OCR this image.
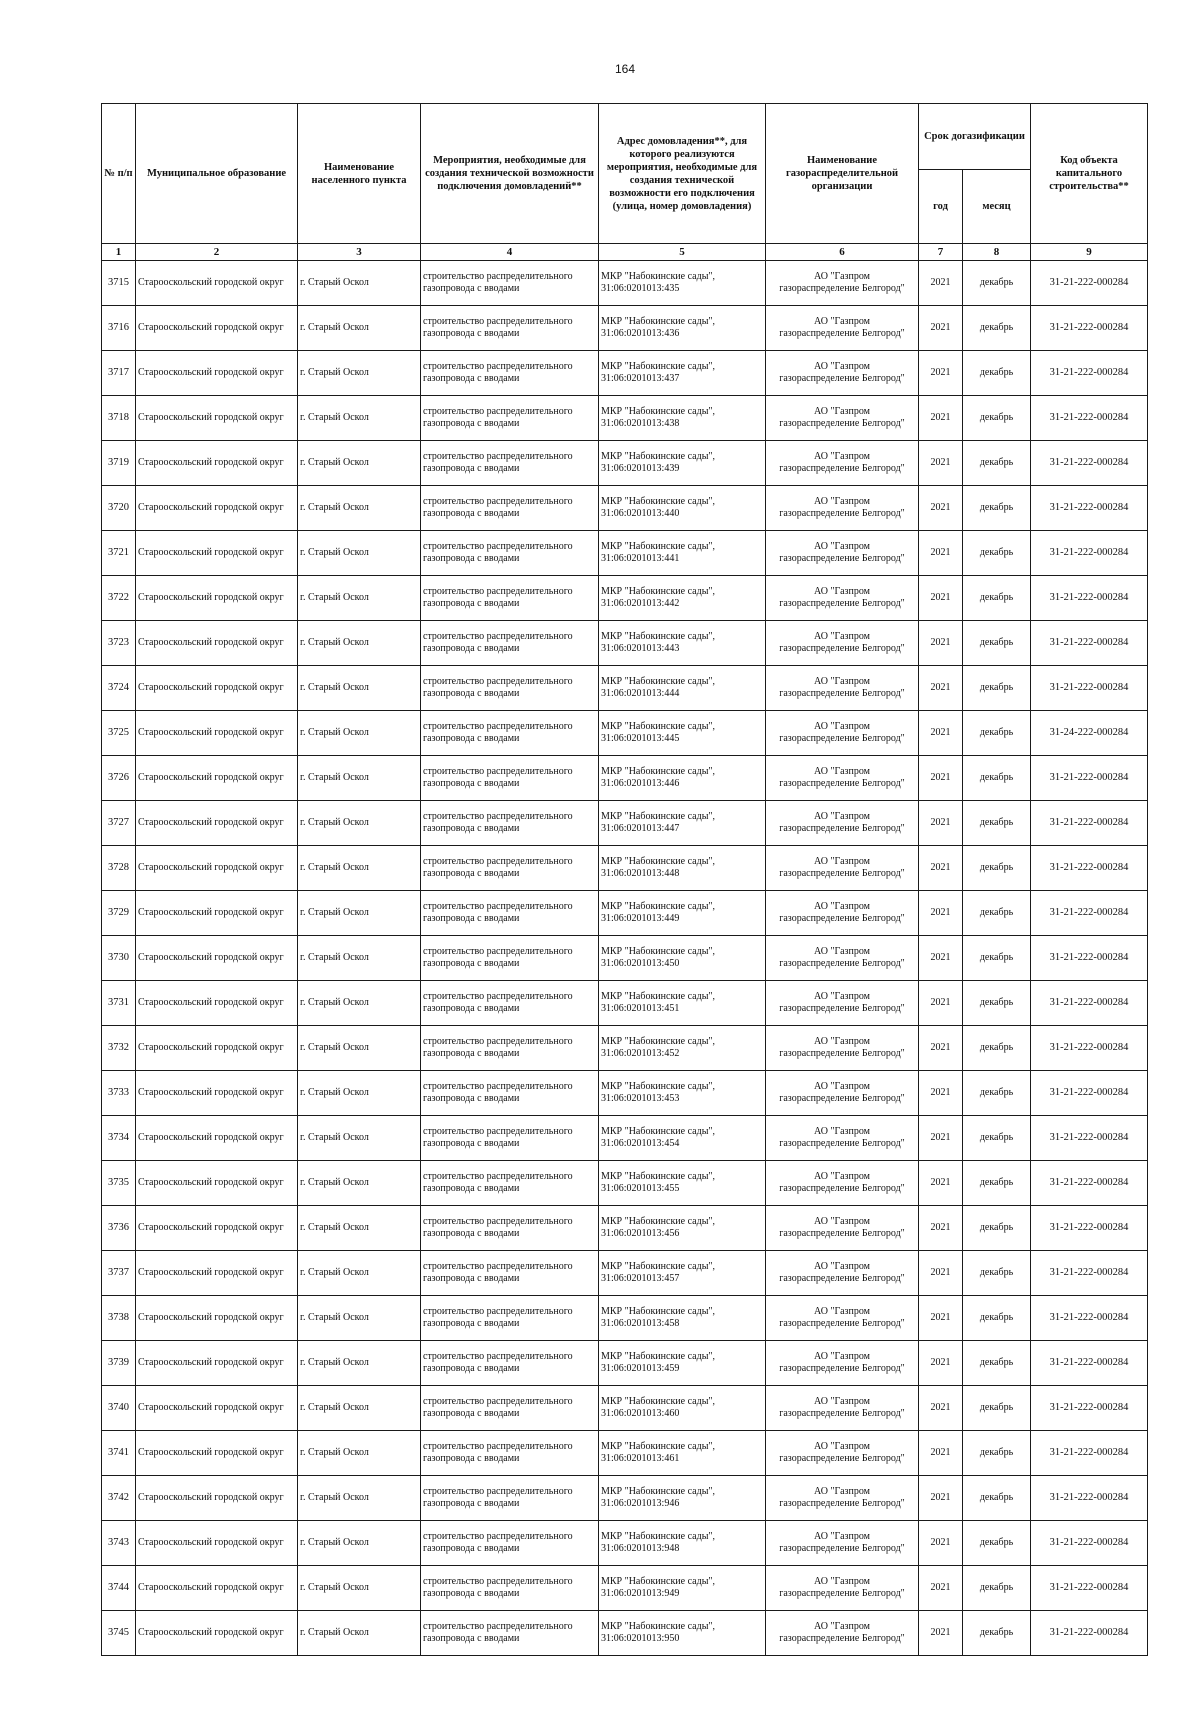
164
№ п/п	Муниципальное образование	Наименование населенного пункта	Мероприятия, необходимые для создания технической возможности подключения домовладений**	Адрес домовладения**, для которого реализуются мероприятия, необходимые для создания технической возможности его подключения (улица, номер домовладения)	Наименование газораспределительной организации	Срок догазификации		Код объекта капитального строительства**
						год	месяц	
1	2	3	4	5	6	7	8	9
3715	Старооскольский городской округ	г. Старый Оскол	строительство распределительного газопровода с вводами	МКР "Набокинские сады",
31:06:0201013:435	АО "Газпром
газораспределение Белгород"	2021	декабрь	31-21-222-000284
3716	Старооскольский городской округ	г. Старый Оскол	строительство распределительного газопровода с вводами	МКР "Набокинские сады",
31:06:0201013:436	АО "Газпром
газораспределение Белгород"	2021	декабрь	31-21-222-000284
3717	Старооскольский городской округ	г. Старый Оскол	строительство распределительного газопровода с вводами	МКР "Набокинские сады",
31:06:0201013:437	АО "Газпром
газораспределение Белгород"	2021	декабрь	31-21-222-000284
3718	Старооскольский городской округ	г. Старый Оскол	строительство распределительного газопровода с вводами	МКР "Набокинские сады",
31:06:0201013:438	АО "Газпром
газораспределение Белгород"	2021	декабрь	31-21-222-000284
3719	Старооскольский городской округ	г. Старый Оскол	строительство распределительного газопровода с вводами	МКР "Набокинские сады",
31:06:0201013:439	АО "Газпром
газораспределение Белгород"	2021	декабрь	31-21-222-000284
3720	Старооскольский городской округ	г. Старый Оскол	строительство распределительного газопровода с вводами	МКР "Набокинские сады",
31:06:0201013:440	АО "Газпром
газораспределение Белгород"	2021	декабрь	31-21-222-000284
3721	Старооскольский городской округ	г. Старый Оскол	строительство распределительного газопровода с вводами	МКР "Набокинские сады",
31:06:0201013:441	АО "Газпром
газораспределение Белгород"	2021	декабрь	31-21-222-000284
3722	Старооскольский городской округ	г. Старый Оскол	строительство распределительного газопровода с вводами	МКР "Набокинские сады",
31:06:0201013:442	АО "Газпром
газораспределение Белгород"	2021	декабрь	31-21-222-000284
3723	Старооскольский городской округ	г. Старый Оскол	строительство распределительного газопровода с вводами	МКР "Набокинские сады",
31:06:0201013:443	АО "Газпром
газораспределение Белгород"	2021	декабрь	31-21-222-000284
3724	Старооскольский городской округ	г. Старый Оскол	строительство распределительного газопровода с вводами	МКР "Набокинские сады",
31:06:0201013:444	АО "Газпром
газораспределение Белгород"	2021	декабрь	31-21-222-000284
3725	Старооскольский городской округ	г. Старый Оскол	строительство распределительного газопровода с вводами	МКР "Набокинские сады",
31:06:0201013:445	АО "Газпром
газораспределение Белгород"	2021	декабрь	31-24-222-000284
3726	Старооскольский городской округ	г. Старый Оскол	строительство распределительного газопровода с вводами	МКР "Набокинские сады",
31:06:0201013:446	АО "Газпром
газораспределение Белгород"	2021	декабрь	31-21-222-000284
3727	Старооскольский городской округ	г. Старый Оскол	строительство распределительного газопровода с вводами	МКР "Набокинские сады",
31:06:0201013:447	АО "Газпром
газораспределение Белгород"	2021	декабрь	31-21-222-000284
3728	Старооскольский городской округ	г. Старый Оскол	строительство распределительного газопровода с вводами	МКР "Набокинские сады",
31:06:0201013:448	АО "Газпром
газораспределение Белгород"	2021	декабрь	31-21-222-000284
3729	Старооскольский городской округ	г. Старый Оскол	строительство распределительного газопровода с вводами	МКР "Набокинские сады",
31:06:0201013:449	АО "Газпром
газораспределение Белгород"	2021	декабрь	31-21-222-000284
3730	Старооскольский городской округ	г. Старый Оскол	строительство распределительного газопровода с вводами	МКР "Набокинские сады",
31:06:0201013:450	АО "Газпром
газораспределение Белгород"	2021	декабрь	31-21-222-000284
3731	Старооскольский городской округ	г. Старый Оскол	строительство распределительного газопровода с вводами	МКР "Набокинские сады",
31:06:0201013:451	АО "Газпром
газораспределение Белгород"	2021	декабрь	31-21-222-000284
3732	Старооскольский городской округ	г. Старый Оскол	строительство распределительного газопровода с вводами	МКР "Набокинские сады",
31:06:0201013:452	АО "Газпром
газораспределение Белгород"	2021	декабрь	31-21-222-000284
3733	Старооскольский городской округ	г. Старый Оскол	строительство распределительного газопровода с вводами	МКР "Набокинские сады",
31:06:0201013:453	АО "Газпром
газораспределение Белгород"	2021	декабрь	31-21-222-000284
3734	Старооскольский городской округ	г. Старый Оскол	строительство распределительного газопровода с вводами	МКР "Набокинские сады",
31:06:0201013:454	АО "Газпром
газораспределение Белгород"	2021	декабрь	31-21-222-000284
3735	Старооскольский городской округ	г. Старый Оскол	строительство распределительного газопровода с вводами	МКР "Набокинские сады",
31:06:0201013:455	АО "Газпром
газораспределение Белгород"	2021	декабрь	31-21-222-000284
3736	Старооскольский городской округ	г. Старый Оскол	строительство распределительного газопровода с вводами	МКР "Набокинские сады",
31:06:0201013:456	АО "Газпром
газораспределение Белгород"	2021	декабрь	31-21-222-000284
3737	Старооскольский городской округ	г. Старый Оскол	строительство распределительного газопровода с вводами	МКР "Набокинские сады",
31:06:0201013:457	АО "Газпром
газораспределение Белгород"	2021	декабрь	31-21-222-000284
3738	Старооскольский городской округ	г. Старый Оскол	строительство распределительного газопровода с вводами	МКР "Набокинские сады",
31:06:0201013:458	АО "Газпром
газораспределение Белгород"	2021	декабрь	31-21-222-000284
3739	Старооскольский городской округ	г. Старый Оскол	строительство распределительного газопровода с вводами	МКР "Набокинские сады",
31:06:0201013:459	АО "Газпром
газораспределение Белгород"	2021	декабрь	31-21-222-000284
3740	Старооскольский городской округ	г. Старый Оскол	строительство распределительного газопровода с вводами	МКР "Набокинские сады",
31:06:0201013:460	АО "Газпром
газораспределение Белгород"	2021	декабрь	31-21-222-000284
3741	Старооскольский городской округ	г. Старый Оскол	строительство распределительного газопровода с вводами	МКР "Набокинские сады",
31:06:0201013:461	АО "Газпром
газораспределение Белгород"	2021	декабрь	31-21-222-000284
3742	Старооскольский городской округ	г. Старый Оскол	строительство распределительного газопровода с вводами	МКР "Набокинские сады",
31:06:0201013:946	АО "Газпром
газораспределение Белгород"	2021	декабрь	31-21-222-000284
3743	Старооскольский городской округ	г. Старый Оскол	строительство распределительного газопровода с вводами	МКР "Набокинские сады",
31:06:0201013:948	АО "Газпром
газораспределение Белгород"	2021	декабрь	31-21-222-000284
3744	Старооскольский городской округ	г. Старый Оскол	строительство распределительного газопровода с вводами	МКР "Набокинские сады",
31:06:0201013:949	АО "Газпром
газораспределение Белгород"	2021	декабрь	31-21-222-000284
3745	Старооскольский городской округ	г. Старый Оскол	строительство распределительного газопровода с вводами	МКР "Набокинские сады",
31:06:0201013:950	АО "Газпром
газораспределение Белгород"	2021	декабрь	31-21-222-000284
